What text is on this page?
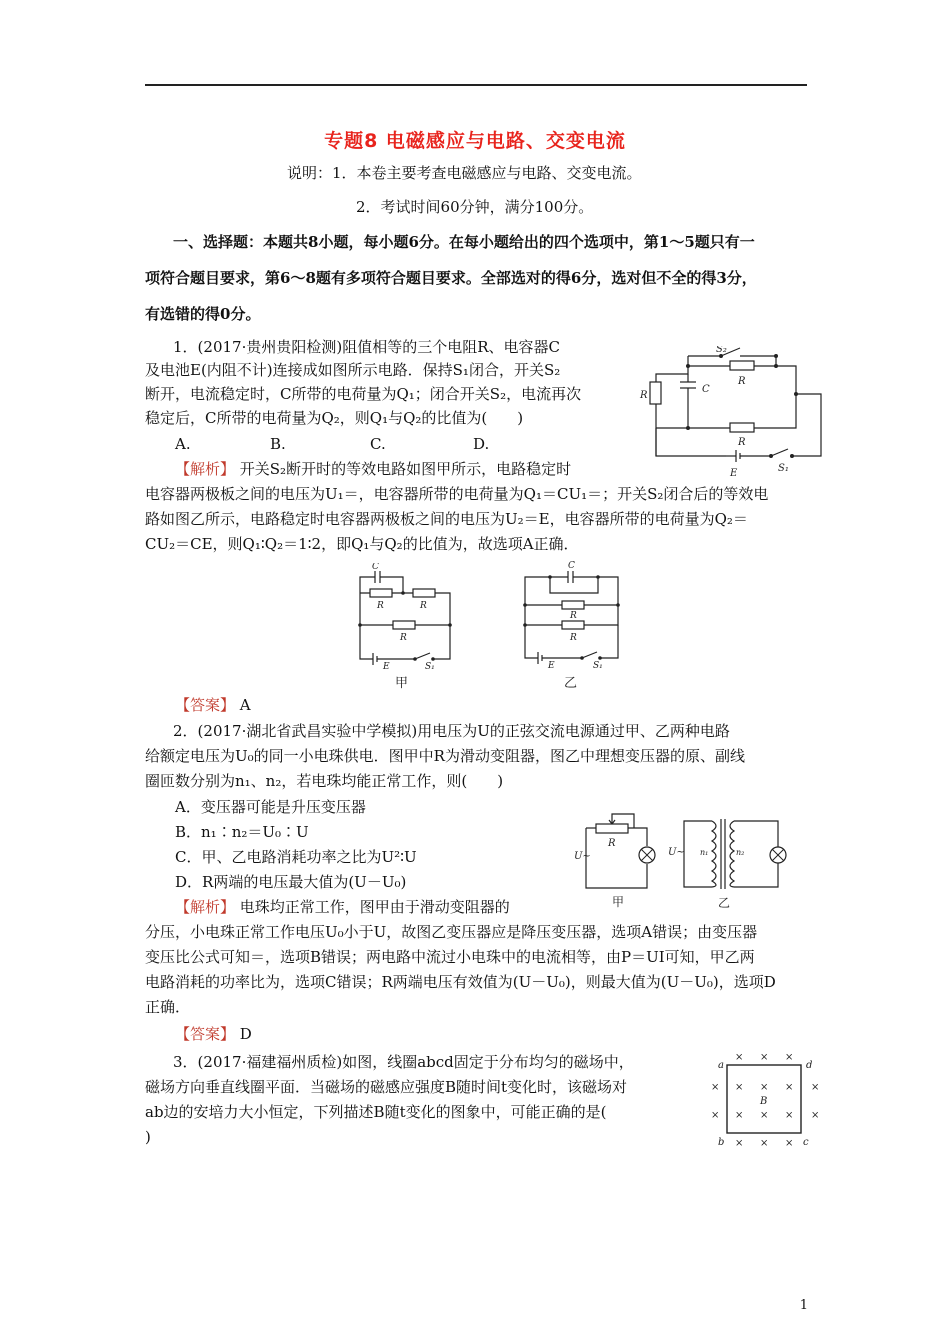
专题8 电磁感应与电路、交变电流
说明：1．本卷主要考查电磁感应与电路、交变电流。
2．考试时间60分钟，满分100分。
一、选择题：本题共8小题，每小题6分。在每小题给出的四个选项中，第1～5题只有一
项符合题目要求，第6～8题有多项符合题目要求。全部选对的得6分，选对但不全的得3分，
有选错的得0分。
1．(2017·贵州贵阳检测)阻值相等的三个电阻R、电容器C
及电池E(内阻不计)连接成如图所示电路．保持S₁闭合，开关S₂
断开，电流稳定时，C所带的电荷量为Q₁；闭合开关S₂，电流再次
稳定后，C所带的电荷量为Q₂，则Q₁与Q₂的比值为(　　)
A.	B.	C.	D.
【解析】 开关S₂断开时的等效电路如图甲所示，电路稳定时
电容器两极板之间的电压为U₁＝，电容器所带的电荷量为Q₁＝CU₁＝；开关S₂闭合后的等效电
路如图乙所示，电路稳定时电容器两极板之间的电压为U₂＝E，电容器所带的电荷量为Q₂＝
CU₂＝CE，则Q₁∶Q₂＝1∶2，即Q₁与Q₂的比值为，故选项A正确．
S₂
R
R
C
R
E	S₁
C
R	R
R
E	S₁
甲
C
R
R
E	S₁
乙
【答案】 A
2．(2017·湖北省武昌实验中学模拟)用电压为U的正弦交流电源通过甲、乙两种电路
给额定电压为U₀的同一小电珠供电．图甲中R为滑动变阻器，图乙中理想变压器的原、副线
圈匝数分别为n₁、n₂，若电珠均能正常工作，则(　　)
A．变压器可能是升压变压器
B．n₁∶n₂＝U₀∶U
C．甲、乙电路消耗功率之比为U²∶U
D．R两端的电压最大值为(U－U₀)
R
U~
甲
U~ n₁	n₂
乙
【解析】 电珠均正常工作，图甲由于滑动变阻器的
分压，小电珠正常工作电压U₀小于U，故图乙变压器应是降压变压器，选项A错误；由变压器
变压比公式可知＝，选项B错误；两电路中流过小电珠中的电流相等，由P＝UI可知，甲乙两
电路消耗的功率比为，选项C错误；R两端电压有效值为(U－U₀)，则最大值为(U－U₀)，选项D
正确．
【答案】 D
3．(2017·福建福州质检)如图，线圈abcd固定于分布均匀的磁场中，
磁场方向垂直线圈平面．当磁场的磁感应强度B随时间t变化时，该磁场对
ab边的安培力大小恒定，下列描述B随t变化的图象中，可能正确的是(
)
× × ×
× × × × ×
× × × × ×
× × ×
a
b	c
d
B
1
